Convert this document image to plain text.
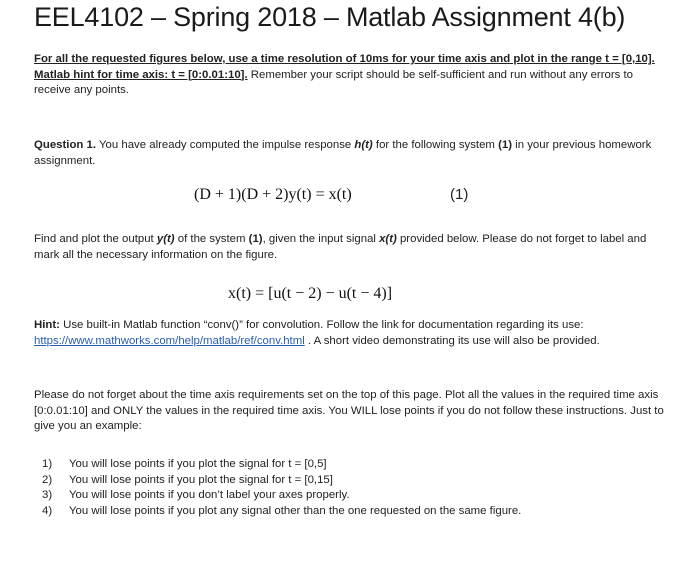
EEL4102 – Spring 2018 – Matlab Assignment 4(b)
For all the requested figures below, use a time resolution of 10ms for your time axis and plot in the range t = [0,10]. Matlab hint for time axis: t = [0:0.01:10]. Remember your script should be self-sufficient and run without any errors to receive any points.
Question 1. You have already computed the impulse response h(t) for the following system (1) in your previous homework assignment.
(D + 1)(D + 2)y(t) = x(t)	(1)
Find and plot the output y(t) of the system (1), given the input signal x(t) provided below. Please do not forget to label and mark all the necessary information on the figure.
x(t) = [u(t − 2) − u(t − 4)]
Hint: Use built-in Matlab function “conv()” for convolution. Follow the link for documentation regarding its use: https://www.mathworks.com/help/matlab/ref/conv.html . A short video demonstrating its use will also be provided.
Please do not forget about the time axis requirements set on the top of this page. Plot all the values in the required time axis [0:0.01:10] and ONLY the values in the required time axis. You WILL lose points if you do not follow these instructions. Just to give you an example:
1)	You will lose points if you plot the signal for t = [0,5]
2)	You will lose points if you plot the signal for t = [0,15]
3)	You will lose points if you don’t label your axes properly.
4)	You will lose points if you plot any signal other than the one requested on the same figure.
